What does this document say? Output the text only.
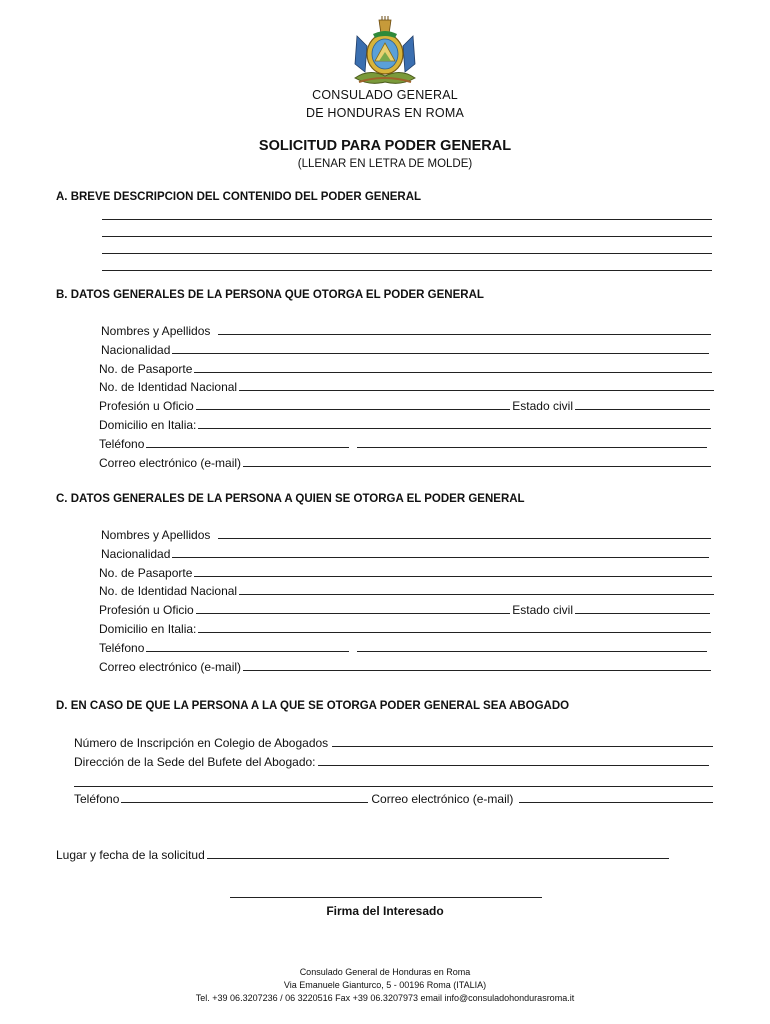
CONSULADO GENERAL
DE HONDURAS EN ROMA
SOLICITUD PARA PODER GENERAL
(LLENAR EN LETRA DE MOLDE)
A. BREVE DESCRIPCION DEL CONTENIDO DEL PODER GENERAL
B. DATOS GENERALES DE LA PERSONA QUE OTORGA EL PODER GENERAL
Nombres y Apellidos
Nacionalidad
No. de Pasaporte
No. de Identidad Nacional
Profesión u Oficio	Estado civil
Domicilio en Italia:
Teléfono
Correo electrónico (e-mail)
C. DATOS GENERALES DE LA PERSONA A QUIEN SE OTORGA EL PODER GENERAL
Nombres y Apellidos
Nacionalidad
No. de Pasaporte
No. de Identidad Nacional
Profesión u Oficio	Estado civil
Domicilio en Italia:
Teléfono
Correo electrónico (e-mail)
D. EN CASO DE QUE LA PERSONA A LA QUE SE OTORGA PODER GENERAL SEA ABOGADO
Número de Inscripción en Colegio de Abogados
Dirección de la Sede del Bufete del Abogado:
Teléfono	Correo electrónico (e-mail)
Lugar y fecha de la solicitud
Firma del Interesado
Consulado General de Honduras en Roma
Via Emanuele Gianturco, 5 - 00196 Roma (ITALIA)
Tel. +39 06.3207236 / 06 3220516 Fax +39 06.3207973 email info@consuladohondurasroma.it
